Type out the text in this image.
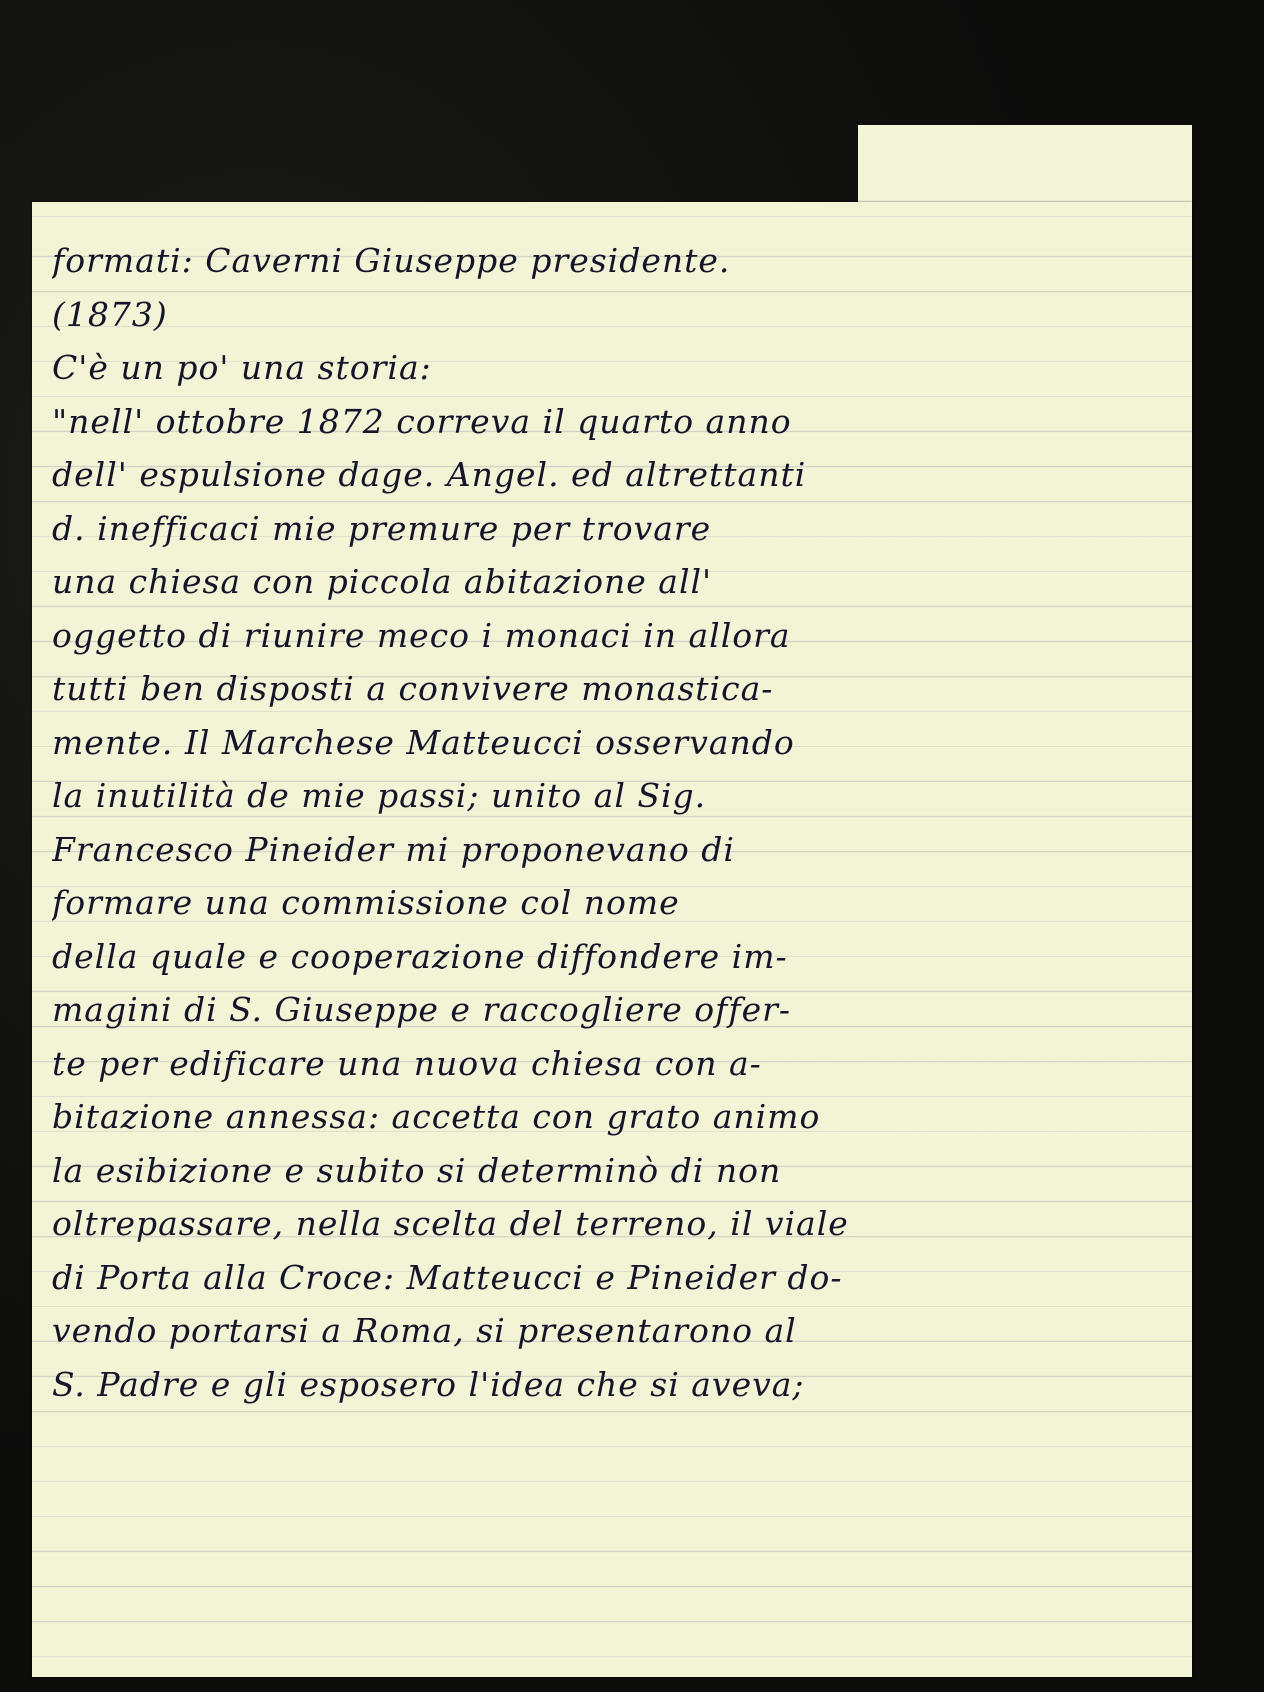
formati: Caverni Giuseppe presidente.
(1873)
C'è un po' una storia:
"nell' ottobre 1872 correva il quarto anno
dell' espulsione dage. Angel. ed altrettanti
d. inefficaci mie premure per trovare
una chiesa con piccola abitazione all'
oggetto di riunire meco i monaci in allora
tutti ben disposti a convivere monastica-
mente. Il Marchese Matteucci osservando
la inutilità de mie passi; unito al Sig.
Francesco Pineider mi proponevano di
formare una commissione col nome
della quale e cooperazione diffondere im-
magini di S. Giuseppe e raccogliere offer-
te per edificare una nuova chiesa con a-
bitazione annessa: accetta con grato animo
la esibizione e subito si determinò di non
oltrepassare, nella scelta del terreno, il viale
di Porta alla Croce: Matteucci e Pineider do-
vendo portarsi a Roma, si presentarono al
S. Padre e gli esposero l'idea che si aveva;
